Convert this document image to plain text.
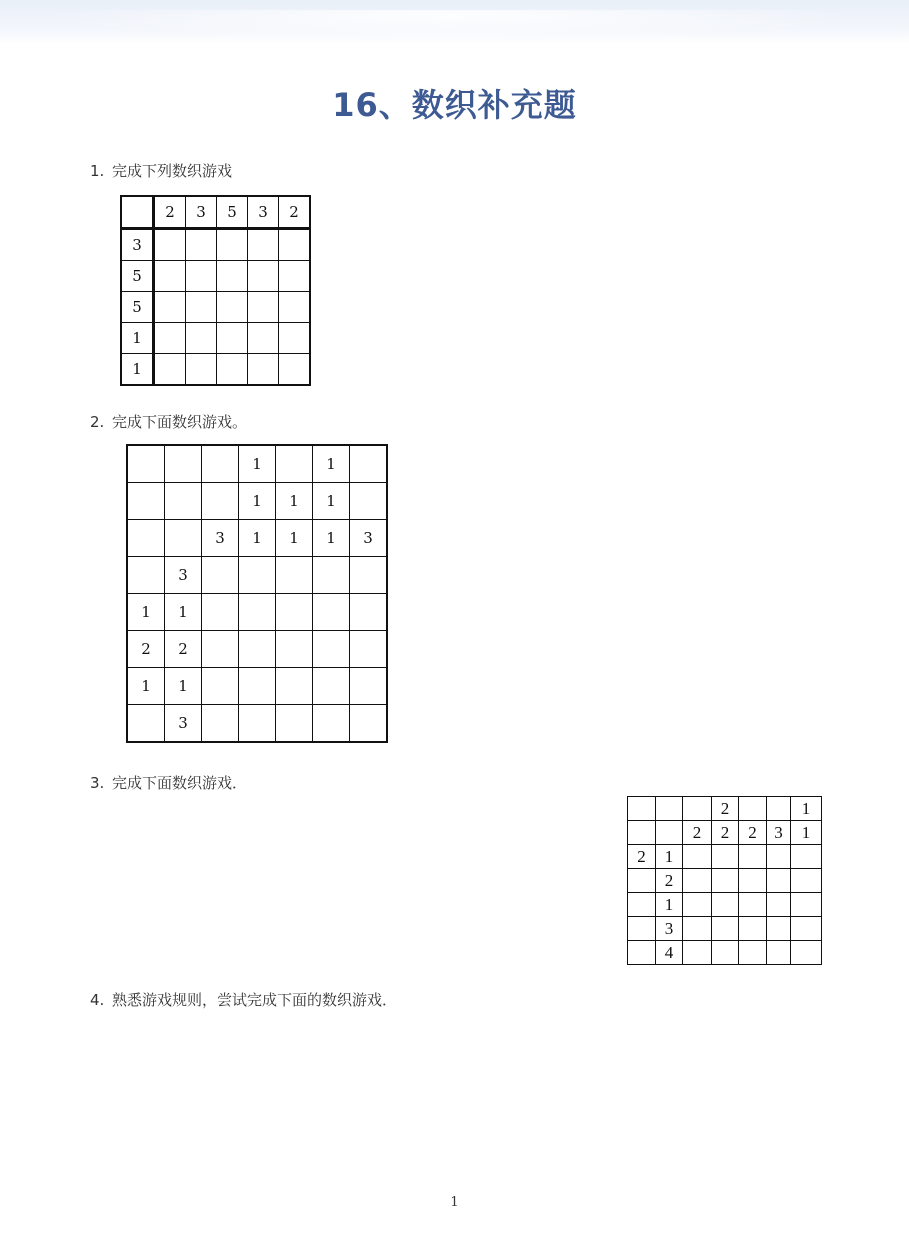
16、数织补充题
1. 完成下列数织游戏
	2	3	5	3	2
3					
5					
5					
1					
1					
2. 完成下面数织游戏。
			1		1	
			1	1	1	
		3	1	1	1	3
	3					
1	1					
2	2					
1	1					
	3					
3. 完成下面数织游戏．
			2			1
		2	2	2	3	1
2	1					
	2					
	1					
	3					
	4					
4. 熟悉游戏规则，尝试完成下面的数织游戏．
1
